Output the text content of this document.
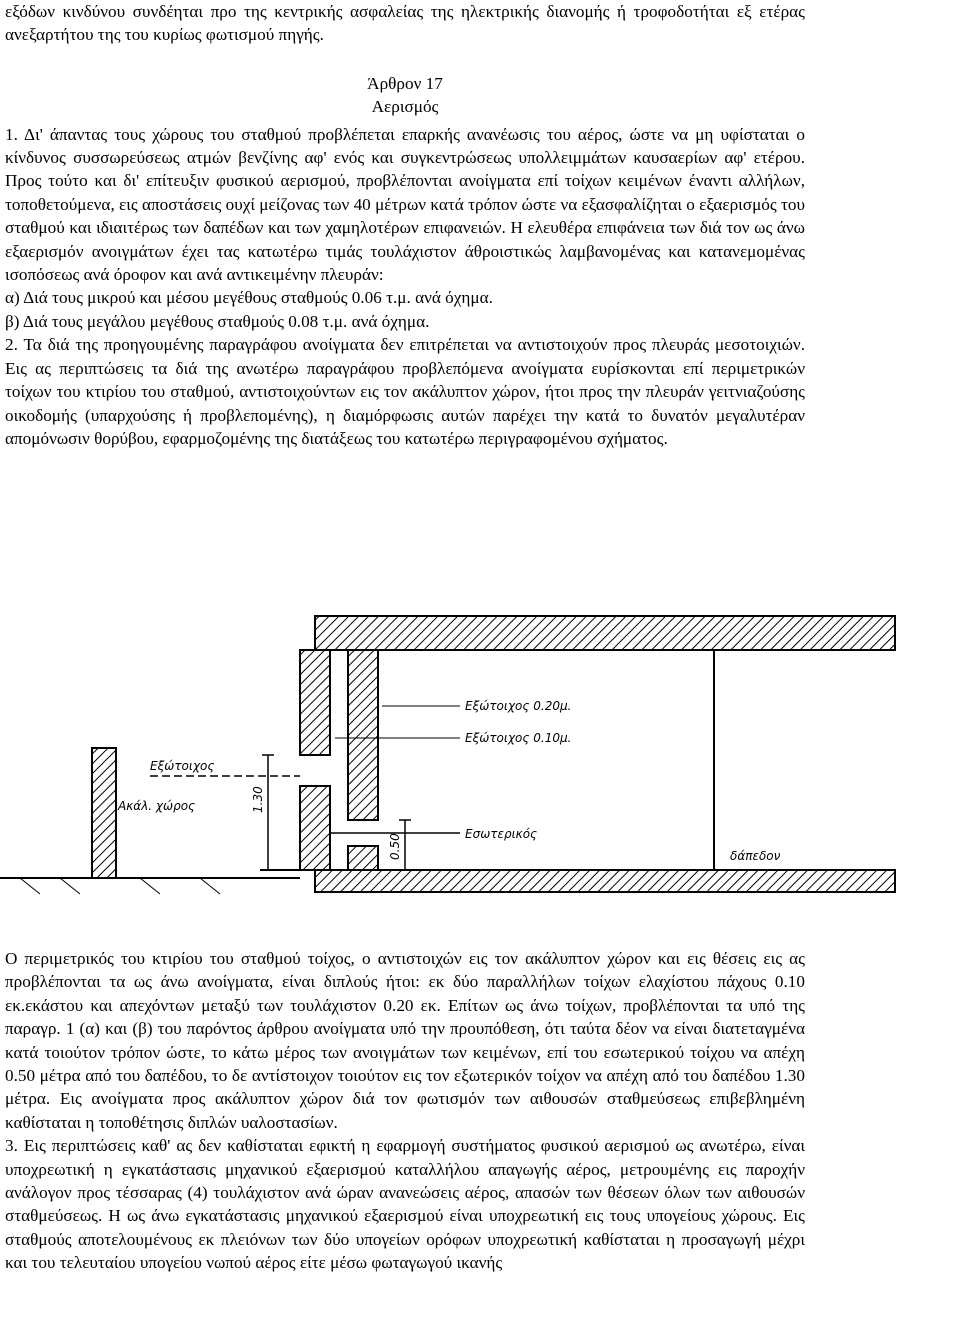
εξόδων κινδύνου συνδέηται προ της κεντρικής ασφαλείας της ηλεκτρικής διανομής ή τροφοδοτήται εξ ετέρας ανεξαρτήτου της του κυρίως φωτισμού πηγής.

Άρθρον 17

Αερισμός

1. Δι' άπαντας τους χώρους του σταθμού προβλέπεται επαρκής ανανέωσις του αέρος, ώστε να μη υφίσταται ο κίνδυνος συσσωρεύσεως ατμών βενζίνης αφ' ενός και συγκεντρώσεως υπολλειμμάτων καυσαερίων αφ' ετέρου. Προς τούτο και δι' επίτευξιν φυσικού αερισμού, προβλέπονται ανοίγματα επί τοίχων κειμένων έναντι αλλήλων, τοποθετούμενα, εις αποστάσεις ουχί μείζονας των 40 μέτρων κατά τρόπον ώστε να εξασφαλίζηται ο εξαερισμός του σταθμού και ιδιαιτέρως των δαπέδων και των χαμηλοτέρων επιφανειών. Η ελευθέρα επιφάνεια των διά τον ως άνω εξαερισμόν ανοιγμάτων έχει τας κατωτέρω τιμάς τουλάχιστον άθροιστικώς λαμβανομένας και κατανεμομένας ισοπόσεως ανά όροφον και ανά αντικειμένην πλευράν:

α) Διά τους μικρού και μέσου μεγέθους σταθμούς 0.06 τ.μ. ανά όχημα.

β) Διά τους μεγάλου μεγέθους σταθμούς 0.08 τ.μ. ανά όχημα.

2. Τα διά της προηγουμένης παραγράφου ανοίγματα δεν επιτρέπεται να αντιστοιχούν προς πλευράς μεσοτοιχιών. Εις ας περιπτώσεις τα διά της ανωτέρω παραγράφου προβλεπόμενα ανοίγματα ευρίσκονται επί περιμετρικών τοίχων του κτιρίου του σταθμού, αντιστοιχούντων εις τον ακάλυπτον χώρον, ήτοι προς την πλευράν γειτνιαζούσης οικοδομής (υπαρχούσης ή προβλεπομένης), η διαμόρφωσις αυτών παρέχει την κατά το δυνατόν μεγαλυτέραν απομόνωσιν θορύβου, εφαρμοζομένης της διατάξεως του κατωτέρω περιγραφομένου σχήματος.

Εξώτοιχος 0.20μ.
Εξώτοιχος 0.10μ.
Εσωτερικός
Εξώτοιχος
Ακάλ. χώρος
δάπεδον
1.30
0.50

Ο περιμετρικός του κτιρίου του σταθμού τοίχος, ο αντιστοιχών εις τον ακάλυπτον χώρον και εις θέσεις εις ας προβλέπονται τα ως άνω ανοίγματα, είναι διπλούς ήτοι: εκ δύο παραλλήλων τοίχων ελαχίστου πάχους 0.10 εκ.εκάστου και απεχόντων μεταξύ των τουλάχιστον 0.20 εκ. Επίτων ως άνω τοίχων, προβλέπονται τα υπό της παραγρ. 1 (α) και (β) του παρόντος άρθρου ανοίγματα υπό την προυπόθεση, ότι ταύτα δέον να είναι διατεταγμένα κατά τοιούτον τρόπον ώστε, το κάτω μέρος των ανοιγμάτων των κειμένων, επί του εσωτερικού τοίχου να απέχη 0.50 μέτρα από του δαπέδου, το δε αντίστοιχον τοιούτον εις τον εξωτερικόν τοίχον να απέχη από του δαπέδου 1.30 μέτρα. Εις ανοίγματα προς ακάλυπτον χώρον διά τον φωτισμόν των αιθουσών σταθμεύσεως επιβεβλημένη καθίσταται η τοποθέτησις διπλών υαλοστασίων.

3. Εις περιπτώσεις καθ' ας δεν καθίσταται εφικτή η εφαρμογή συστήματος φυσικού αερισμού ως ανωτέρω, είναι υποχρεωτική η εγκατάστασις μηχανικού εξαερισμού καταλλήλου απαγωγής αέρος, μετρουμένης εις παροχήν ανάλογον προς τέσσαρας (4) τουλάχιστον ανά ώραν ανανεώσεις αέρος, απασών των θέσεων όλων των αιθουσών σταθμεύσεως. Η ως άνω εγκατάστασις μηχανικού εξαερισμού είναι υποχρεωτική εις τους υπογείους χώρους. Εις σταθμούς αποτελουμένους εκ πλειόνων των δύο υπογείων ορόφων υποχρεωτική καθίσταται η προσαγωγή μέχρι και του τελευταίου υπογείου νωπού αέρος είτε μέσω φωταγωγού ικανής
